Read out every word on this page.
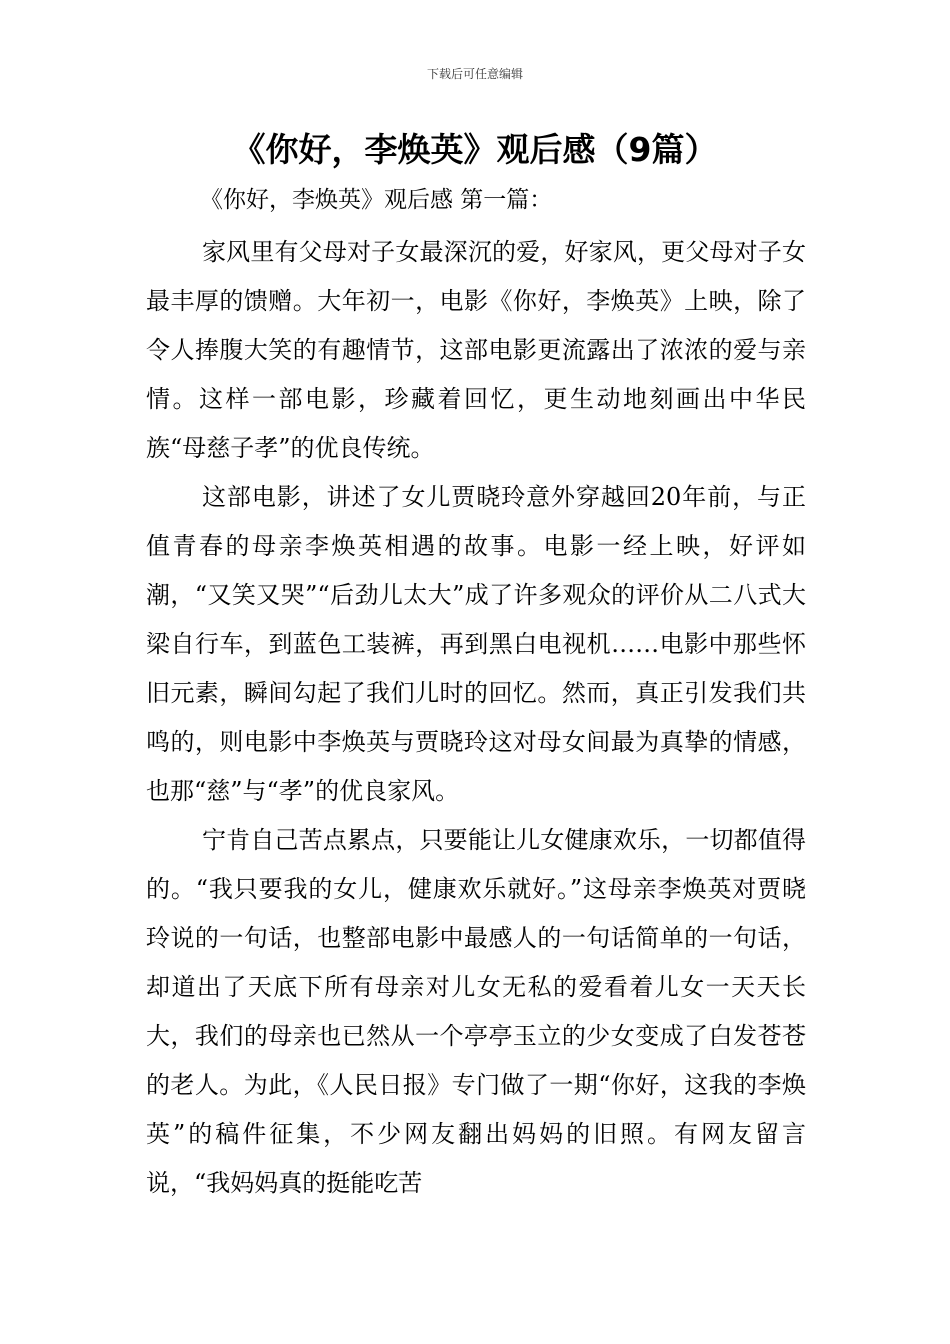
下载后可任意编辑
《你好，李焕英》观后感（9篇）
《你好，李焕英》观后感 第一篇：

家风里有父母对子女最深沉的爱，好家风，更父母对子女最丰厚的馈赠。大年初一，电影《你好，李焕英》上映，除了令人捧腹大笑的有趣情节，这部电影更流露出了浓浓的爱与亲情。这样一部电影，珍藏着回忆，更生动地刻画出中华民族“母慈子孝”的优良传统。

这部电影，讲述了女儿贾晓玲意外穿越回20年前，与正值青春的母亲李焕英相遇的故事。电影一经上映，好评如潮，“又笑又哭”“后劲儿太大”成了许多观众的评价从二八式大梁自行车，到蓝色工装裤，再到黑白电视机……电影中那些怀旧元素，瞬间勾起了我们儿时的回忆。然而，真正引发我们共鸣的，则电影中李焕英与贾晓玲这对母女间最为真挚的情感，也那“慈”与“孝”的优良家风。

宁肯自己苦点累点，只要能让儿女健康欢乐，一切都值得的。“我只要我的女儿，健康欢乐就好。”这母亲李焕英对贾晓玲说的一句话，也整部电影中最感人的一句话简单的一句话，却道出了天底下所有母亲对儿女无私的爱看着儿女一天天长大，我们的母亲也已然从一个亭亭玉立的少女变成了白发苍苍的老人。为此，《人民日报》专门做了一期“你好，这我的李焕英”的稿件征集，不少网友翻出妈妈的旧照。有网友留言说，“我妈妈真的挺能吃苦
